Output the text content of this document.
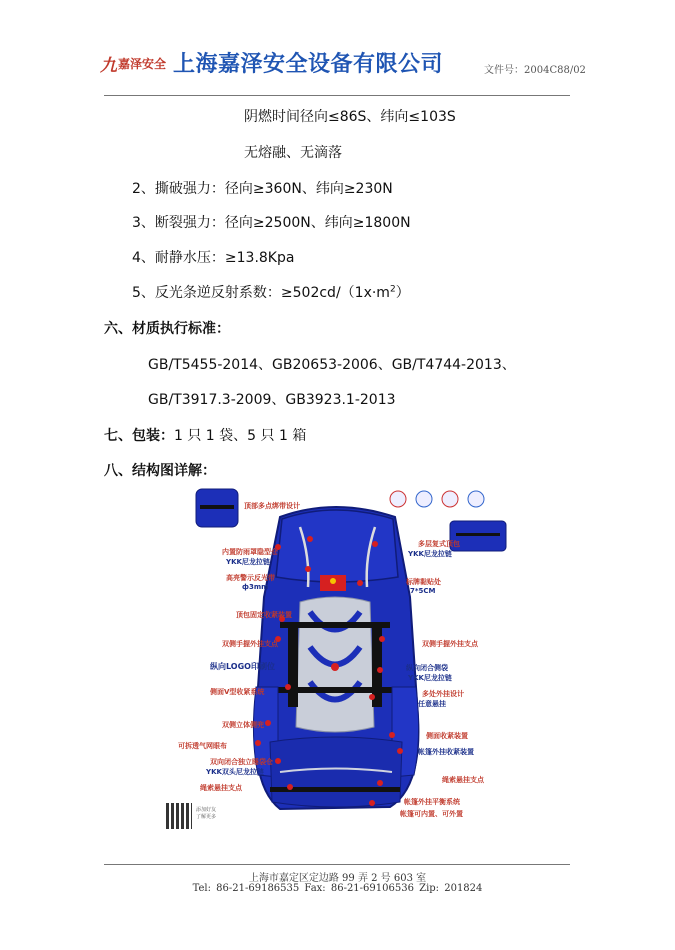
九 嘉泽安全 上海嘉泽安全设备有限公司	文件号：2004C88/02
阴燃时间径向≤86S、纬向≤103S
无熔融、无滴落
2、撕破强力：径向≥360N、纬向≥230N
3、断裂强力：径向≥2500N、纬向≥1800N
4、耐静水压：≥13.8Kpa
5、反光条逆反射系数：$\ge 502cd/(1x\cdot m^2)$
六、材质执行标准：
GB/T5455-2014、GB20653-2006、GB/T4744-2013、
GB/T3917.3-2009、GB3923.1-2013
七、包装：1 只 1 袋、5 只 1 箱
八、结构图详解：
顶部多点绑带设计
多层复式顶包
YKK尼龙拉链
内置防雨罩隐型仓
YKK尼龙拉链
高亮警示反光带
ф3mm
标牌黏贴处
7*5CM
顶包固定收紧装置
双侧手握外挂支点	双侧手握外挂支点
纵向LOGO印刷位	纵向闭合侧袋
YKK尼龙拉链
侧面V型收紧系统	多处外挂设计
任意悬挂
双侧立体侧兜
可拆透气网眼布
双向闭合独立睡袋仓
YKK双头尼龙拉链
绳索悬挂支点
侧面收紧装置
帐篷外挂收紧装置
绳索悬挂支点
帐篷外挂平衡系统
帐篷可内置、可外置
添加好友
了解更多
上海市嘉定区定边路 99 弄 2 号 603 室
Tel: 86-21-69186535 Fax: 86-21-69106536 Zip: 201824
